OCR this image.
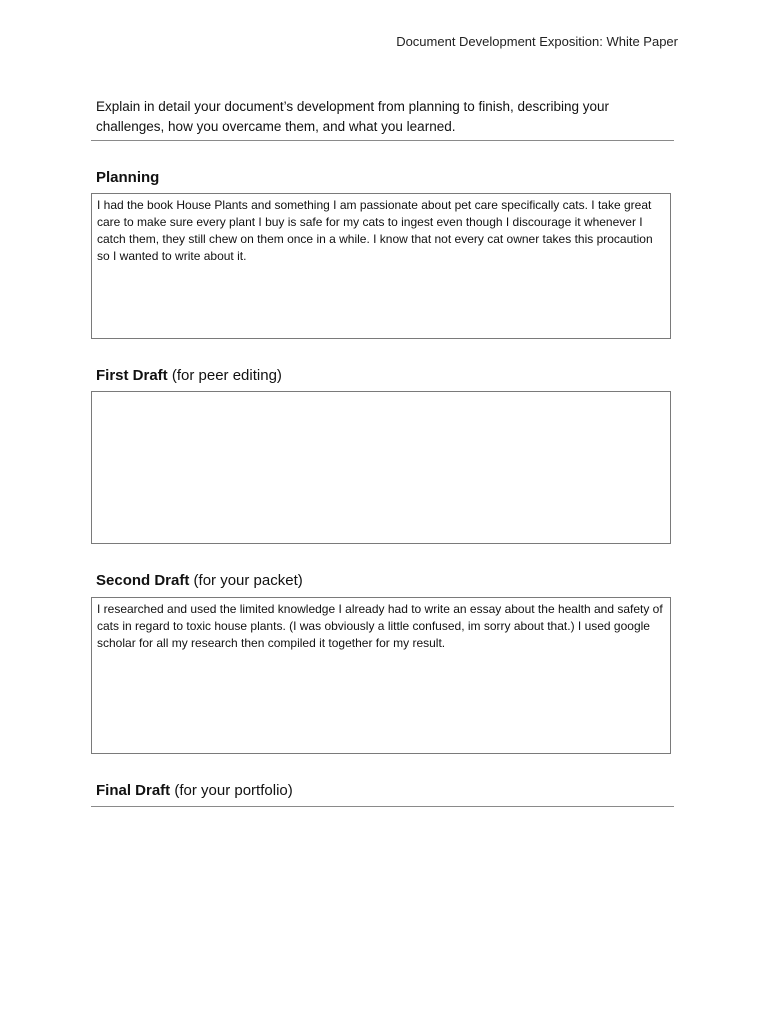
Document Development Exposition: White Paper
Explain in detail your document’s development from planning to finish, describing your challenges, how you overcame them, and what you learned.
Planning
I had the book House Plants and something I am passionate about pet care specifically cats. I take great care to make sure every plant I buy is safe for my cats to ingest even though I discourage it whenever I catch them, they still chew on them once in a while. I know that not every cat owner takes this procaution so I wanted to write about it.
First Draft (for peer editing)
Second Draft (for your packet)
I researched and used the limited knowledge I already had to write an essay about the health and safety of cats in regard to toxic house plants. (I was obviously a little confused, im sorry about that.) I used google scholar for all my research then compiled it together for my result.
Final Draft (for your portfolio)
